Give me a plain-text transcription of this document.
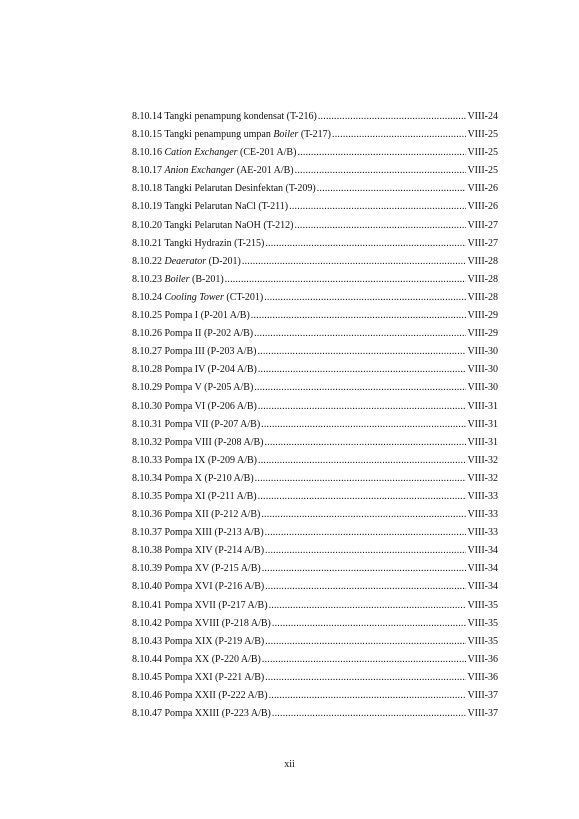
8.10.14 Tangki penampung kondensat (T-216) .....	VIII-24
8.10.15 Tangki penampung umpan Boiler (T-217) .....	VIII-25
8.10.16 Cation Exchanger (CE-201 A/B) .....	VIII-25
8.10.17 Anion Exchanger (AE-201 A/B) .....	VIII-25
8.10.18 Tangki Pelarutan Desinfektan (T-209) .....	VIII-26
8.10.19 Tangki Pelarutan NaCl (T-211) .....	VIII-26
8.10.20 Tangki Pelarutan NaOH (T-212) .....	VIII-27
8.10.21 Tangki Hydrazin (T-215) .....	VIII-27
8.10.22 Deaerator (D-201) .....	VIII-28
8.10.23 Boiler (B-201) .....	VIII-28
8.10.24 Cooling Tower (CT-201) .....	VIII-28
8.10.25 Pompa I (P-201 A/B) .....	VIII-29
8.10.26 Pompa II (P-202 A/B) .....	VIII-29
8.10.27 Pompa III (P-203 A/B) .....	VIII-30
8.10.28 Pompa IV (P-204 A/B) .....	VIII-30
8.10.29 Pompa V (P-205 A/B) .....	VIII-30
8.10.30 Pompa VI (P-206 A/B) .....	VIII-31
8.10.31 Pompa VII (P-207 A/B) .....	VIII-31
8.10.32 Pompa VIII (P-208 A/B) .....	VIII-31
8.10.33 Pompa IX (P-209 A/B) .....	VIII-32
8.10.34 Pompa X (P-210 A/B) .....	VIII-32
8.10.35 Pompa XI (P-211 A/B) .....	VIII-33
8.10.36 Pompa XII (P-212 A/B) .....	VIII-33
8.10.37 Pompa XIII (P-213 A/B) .....	VIII-33
8.10.38 Pompa XIV (P-214 A/B) .....	VIII-34
8.10.39 Pompa XV (P-215 A/B) .....	VIII-34
8.10.40 Pompa XVI (P-216 A/B) .....	VIII-34
8.10.41 Pompa XVII (P-217 A/B) .....	VIII-35
8.10.42 Pompa XVIII (P-218 A/B) .....	VIII-35
8.10.43 Pompa XIX (P-219 A/B) .....	VIII-35
8.10.44 Pompa XX (P-220 A/B) .....	VIII-36
8.10.45 Pompa XXI (P-221 A/B) .....	VIII-36
8.10.46 Pompa XXII (P-222 A/B) .....	VIII-37
8.10.47 Pompa XXIII (P-223 A/B) .....	VIII-37
xii
